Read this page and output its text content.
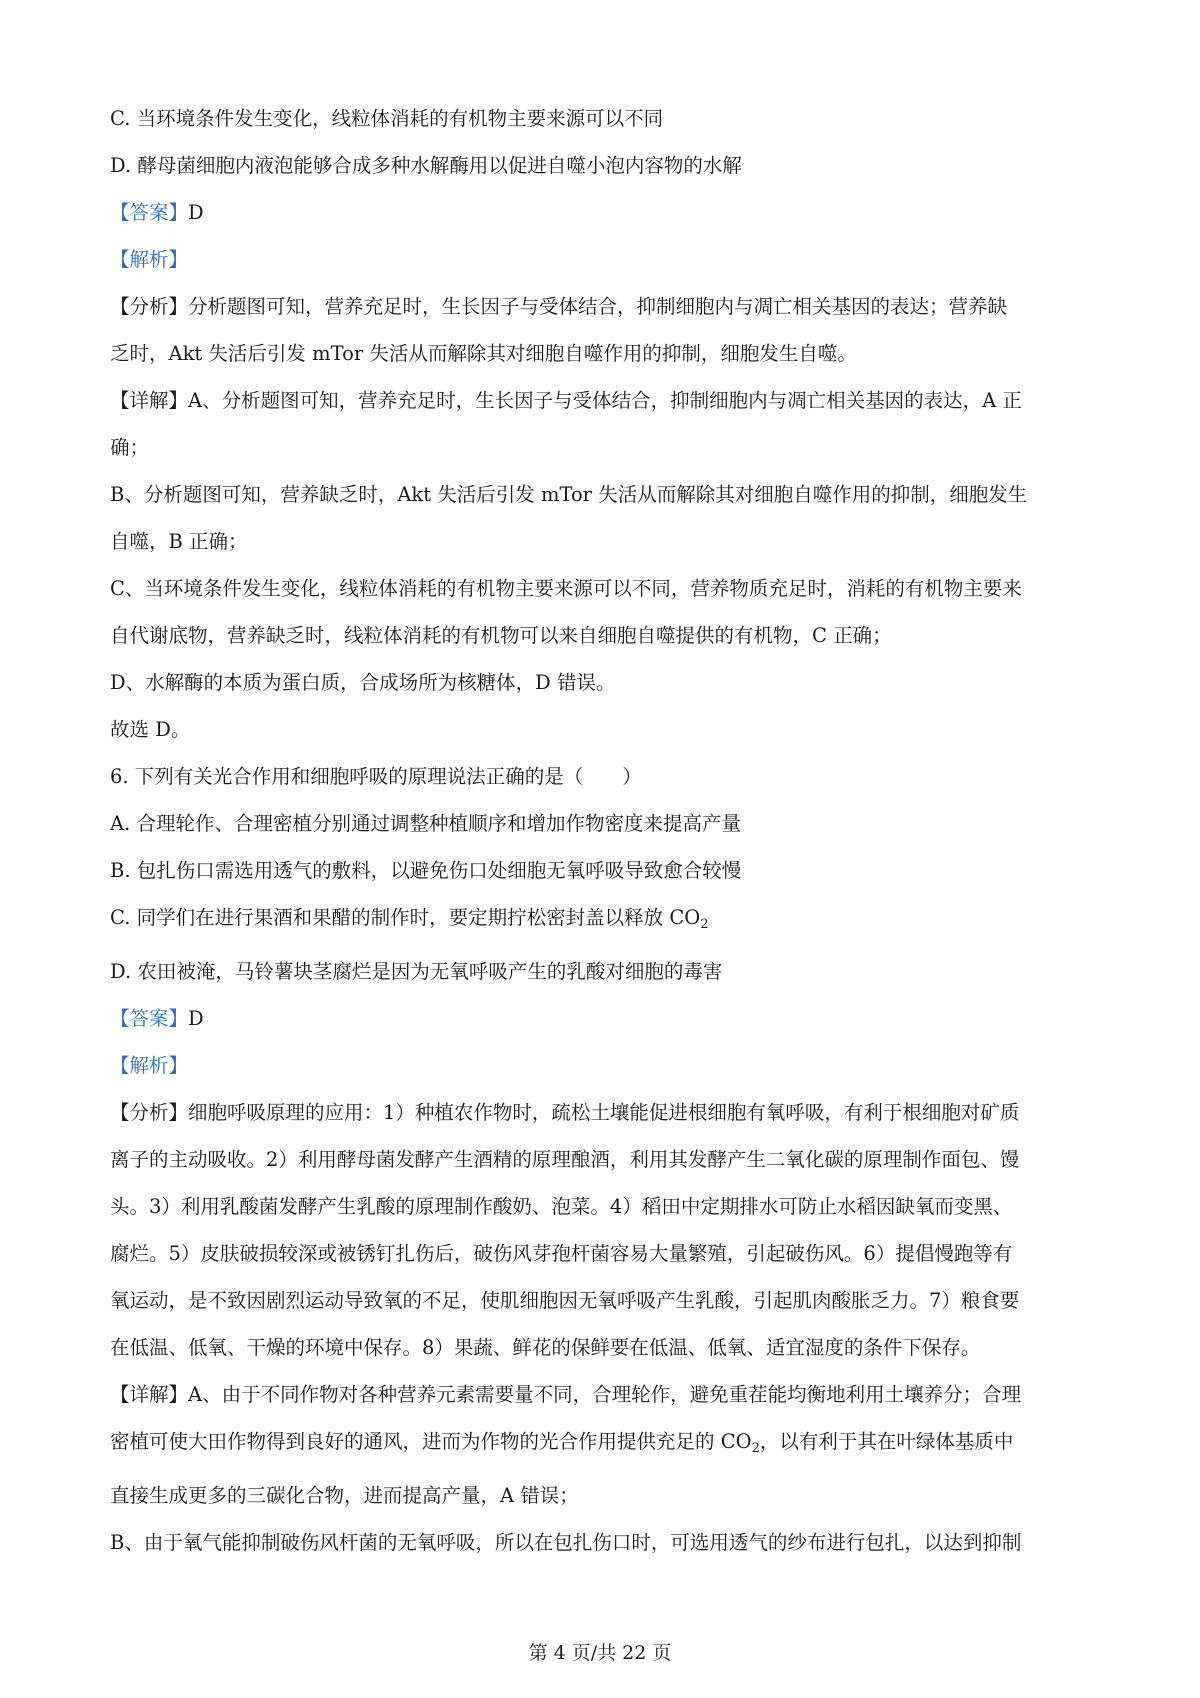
C. 当环境条件发生变化，线粒体消耗的有机物主要来源可以不同
D. 酵母菌细胞内液泡能够合成多种水解酶用以促进自噬小泡内容物的水解
【答案】D
【解析】
【分析】分析题图可知，营养充足时，生长因子与受体结合，抑制细胞内与凋亡相关基因的表达；营养缺
乏时，Akt 失活后引发 mTor 失活从而解除其对细胞自噬作用的抑制，细胞发生自噬。
【详解】A、分析题图可知，营养充足时，生长因子与受体结合，抑制细胞内与凋亡相关基因的表达，A 正
确；
B、分析题图可知，营养缺乏时，Akt 失活后引发 mTor 失活从而解除其对细胞自噬作用的抑制，细胞发生
自噬，B 正确；
C、当环境条件发生变化，线粒体消耗的有机物主要来源可以不同，营养物质充足时，消耗的有机物主要来
自代谢底物，营养缺乏时，线粒体消耗的有机物可以来自细胞自噬提供的有机物，C 正确；
D、水解酶的本质为蛋白质，合成场所为核糖体，D 错误。
故选 D。
6. 下列有关光合作用和细胞呼吸的原理说法正确的是（　　）
A. 合理轮作、合理密植分别通过调整种植顺序和增加作物密度来提高产量
B. 包扎伤口需选用透气的敷料，以避免伤口处细胞无氧呼吸导致愈合较慢
C. 同学们在进行果酒和果醋的制作时，要定期拧松密封盖以释放 $CO_2$
D. 农田被淹，马铃薯块茎腐烂是因为无氧呼吸产生的乳酸对细胞的毒害
【答案】D
【解析】
【分析】细胞呼吸原理的应用：1）种植农作物时，疏松土壤能促进根细胞有氧呼吸，有利于根细胞对矿质
离子的主动吸收。2）利用酵母菌发酵产生酒精的原理酿酒，利用其发酵产生二氧化碳的原理制作面包、馒
头。3）利用乳酸菌发酵产生乳酸的原理制作酸奶、泡菜。4）稻田中定期排水可防止水稻因缺氧而变黑、
腐烂。5）皮肤破损较深或被锈钉扎伤后，破伤风芽孢杆菌容易大量繁殖，引起破伤风。6）提倡慢跑等有
氧运动，是不致因剧烈运动导致氧的不足，使肌细胞因无氧呼吸产生乳酸，引起肌肉酸胀乏力。7）粮食要
在低温、低氧、干燥的环境中保存。8）果蔬、鲜花的保鲜要在低温、低氧、适宜湿度的条件下保存。
【详解】A、由于不同作物对各种营养元素需要量不同，合理轮作，避免重茬能均衡地利用土壤养分；合理
密植可使大田作物得到良好的通风，进而为作物的光合作用提供充足的 $CO_2$，以有利于其在叶绿体基质中
直接生成更多的三碳化合物，进而提高产量，A 错误；
B、由于氧气能抑制破伤风杆菌的无氧呼吸，所以在包扎伤口时，可选用透气的纱布进行包扎，以达到抑制
第 4 页/共 22 页
